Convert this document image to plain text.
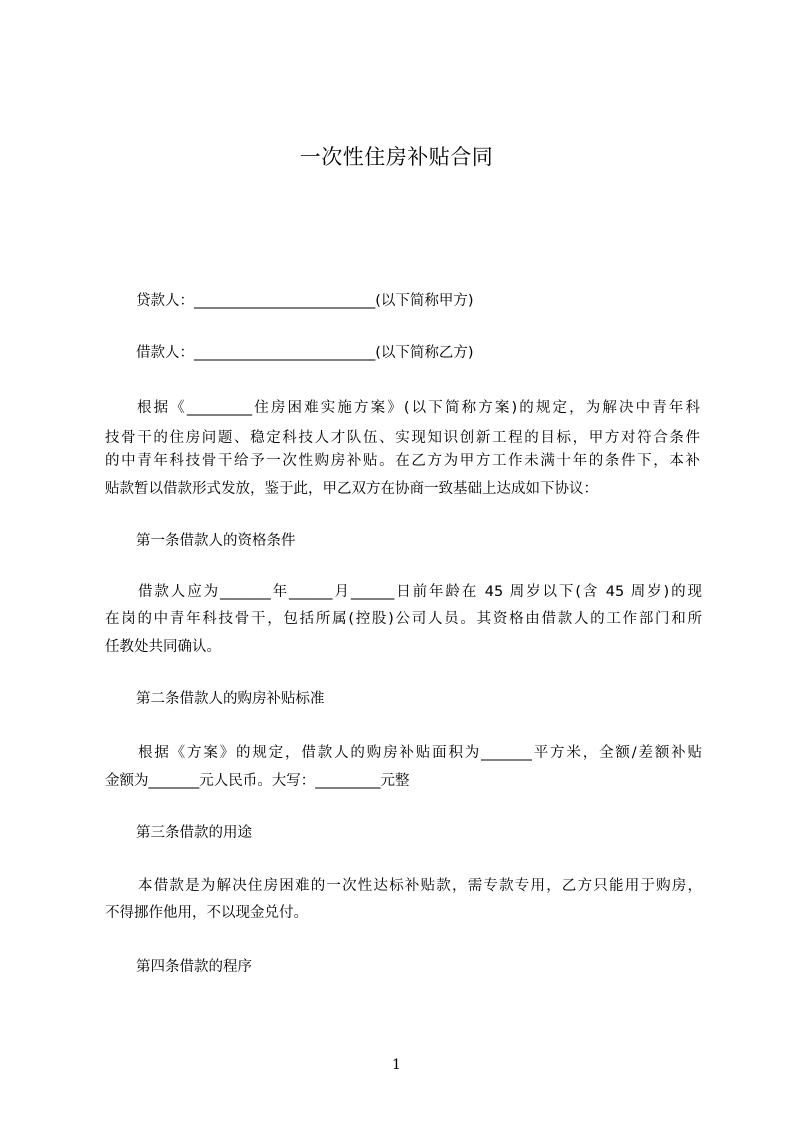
一次性住房补贴合同
贷款人：_________________________(以下简称甲方)
借款人：_________________________(以下简称乙方)
根据《_________住房困难实施方案》(以下简称方案)的规定，为解决中青年科
技骨干的住房问题、稳定科技人才队伍、实现知识创新工程的目标，甲方对符合条件
的中青年科技骨干给予一次性购房补贴。在乙方为甲方工作未满十年的条件下，本补
贴款暂以借款形式发放，鉴于此，甲乙双方在协商一致基础上达成如下协议：
第一条借款人的资格条件
借款人应为_______年______月______日前年龄在 45 周岁以下(含 45 周岁)的现
在岗的中青年科技骨干，包括所属(控股)公司人员。其资格由借款人的工作部门和所
任教处共同确认。
第二条借款人的购房补贴标准
根据《方案》的规定，借款人的购房补贴面积为_______平方米，全额/差额补贴
金额为_______元人民币。大写：_________元整
第三条借款的用途
本借款是为解决住房困难的一次性达标补贴款，需专款专用，乙方只能用于购房，
不得挪作他用，不以现金兑付。
第四条借款的程序
1
